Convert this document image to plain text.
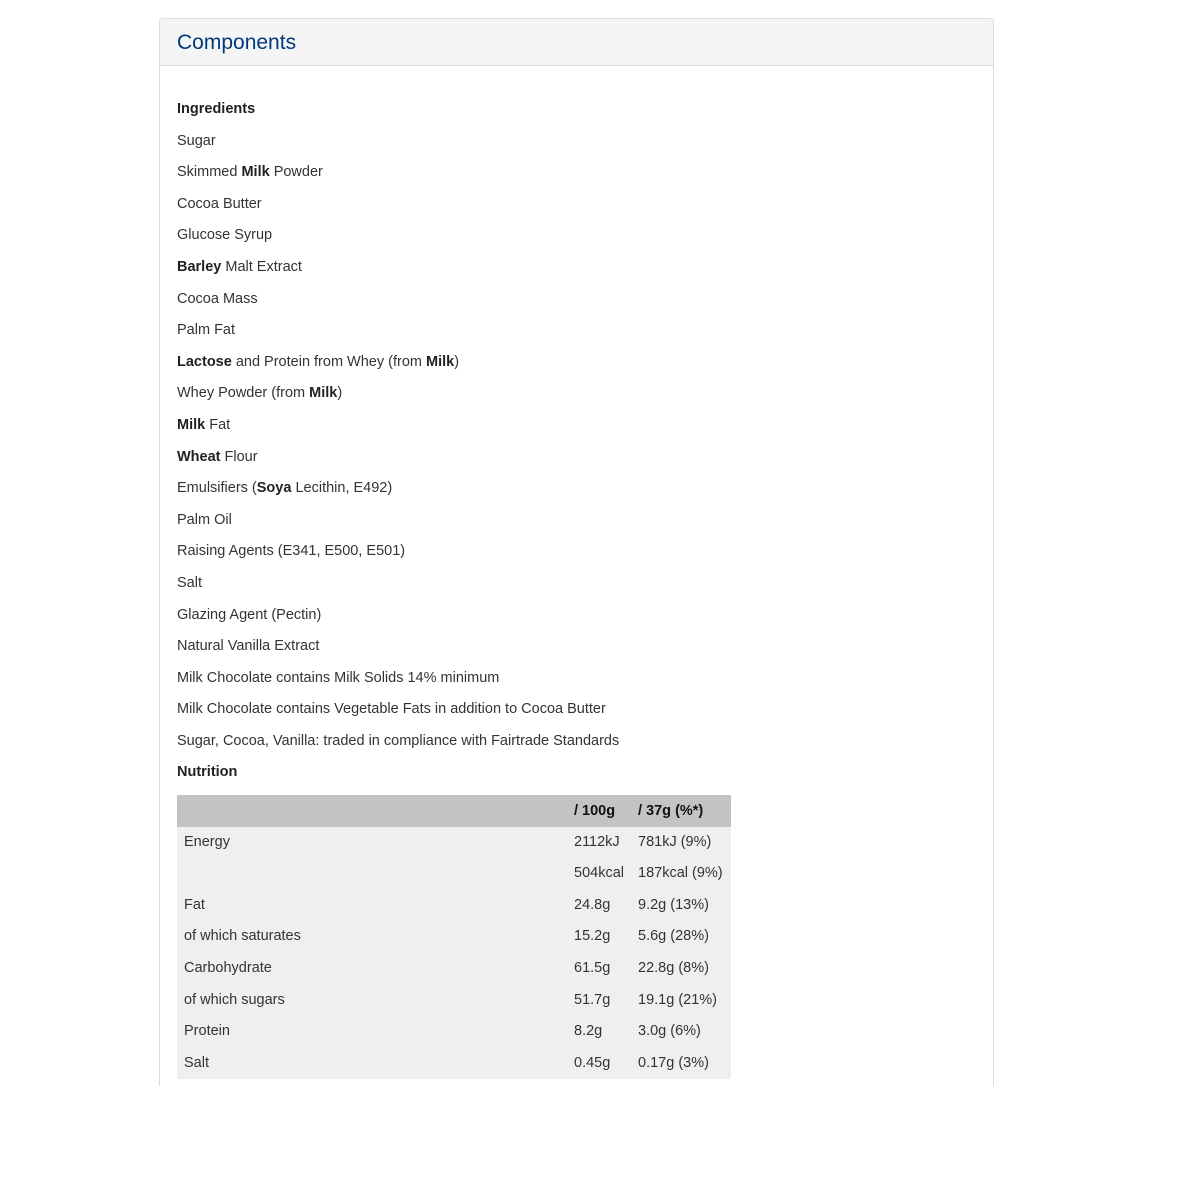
Components
Ingredients
Sugar
Skimmed Milk Powder
Cocoa Butter
Glucose Syrup
Barley Malt Extract
Cocoa Mass
Palm Fat
Lactose and Protein from Whey (from Milk)
Whey Powder (from Milk)
Milk Fat
Wheat Flour
Emulsifiers (Soya Lecithin, E492)
Palm Oil
Raising Agents (E341, E500, E501)
Salt
Glazing Agent (Pectin)
Natural Vanilla Extract
Milk Chocolate contains Milk Solids 14% minimum
Milk Chocolate contains Vegetable Fats in addition to Cocoa Butter
Sugar, Cocoa, Vanilla: traded in compliance with Fairtrade Standards
Nutrition
	/ 100g	/ 37g (%*)
Energy	2112kJ	781kJ (9%)
	504kcal	187kcal (9%)
Fat	24.8g	9.2g (13%)
of which saturates	15.2g	5.6g (28%)
Carbohydrate	61.5g	22.8g (8%)
of which sugars	51.7g	19.1g (21%)
Protein	8.2g	3.0g (6%)
Salt	0.45g	0.17g (3%)
